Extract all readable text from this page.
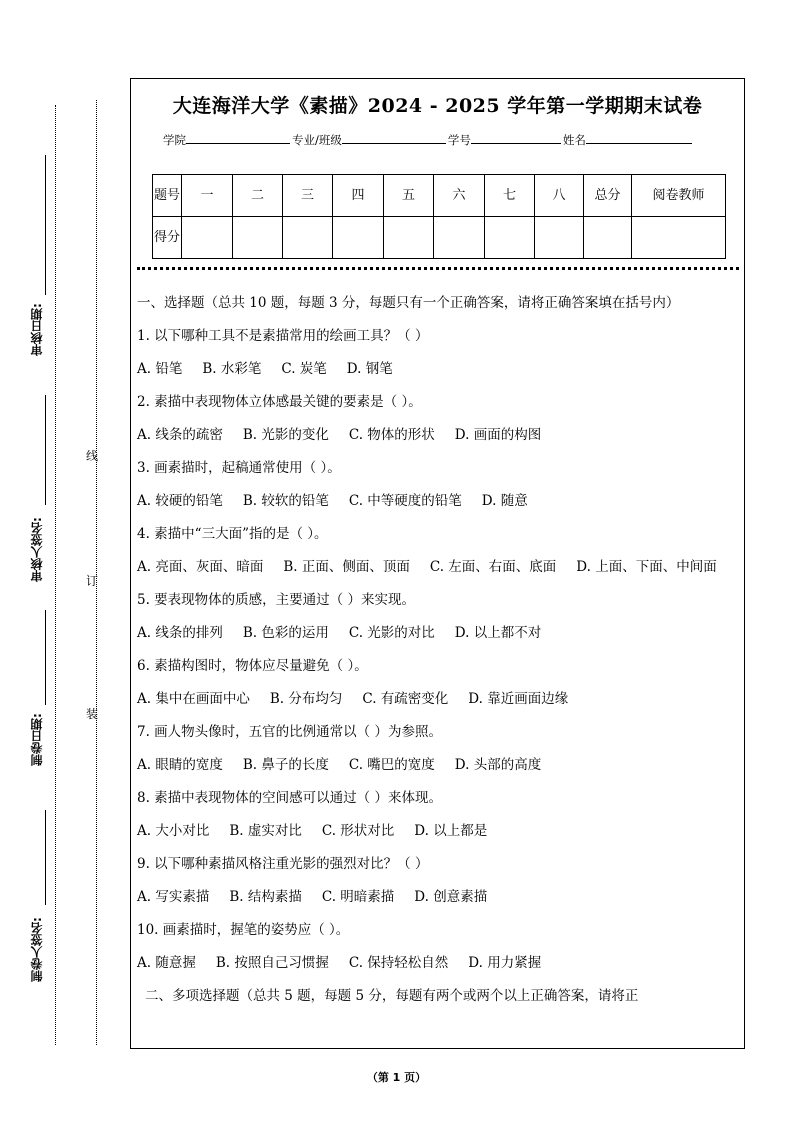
审核日期:
审核人签名:
制卷日期:
制卷人签名:
线
订
装
大连海洋大学《素描》2024 - 2025 学年第一学期期末试卷
学院	专业/班级	学号	姓名
题号	一	二	三	四	五	六	七	八	总分	阅卷教师
得分										
一、选择题（总共 10 题，每题 3 分，每题只有一个正确答案，请将正确答案填在括号内）
1. 以下哪种工具不是素描常用的绘画工具？（ ）
A. 铅笔 B. 水彩笔 C. 炭笔 D. 钢笔
2. 素描中表现物体立体感最关键的要素是（ ）。
A. 线条的疏密 B. 光影的变化 C. 物体的形状 D. 画面的构图
3. 画素描时，起稿通常使用（ ）。
A. 较硬的铅笔 B. 较软的铅笔 C. 中等硬度的铅笔 D. 随意
4. 素描中“三大面”指的是（ ）。
A. 亮面、灰面、暗面 B. 正面、侧面、顶面 C. 左面、右面、底面 D. 上面、下面、中间面
5. 要表现物体的质感，主要通过（ ）来实现。
A. 线条的排列 B. 色彩的运用 C. 光影的对比 D. 以上都不对
6. 素描构图时，物体应尽量避免（ ）。
A. 集中在画面中心 B. 分布均匀 C. 有疏密变化 D. 靠近画面边缘
7. 画人物头像时，五官的比例通常以（ ）为参照。
A. 眼睛的宽度 B. 鼻子的长度 C. 嘴巴的宽度 D. 头部的高度
8. 素描中表现物体的空间感可以通过（ ）来体现。
A. 大小对比 B. 虚实对比 C. 形状对比 D. 以上都是
9. 以下哪种素描风格注重光影的强烈对比？（ ）
A. 写实素描 B. 结构素描 C. 明暗素描 D. 创意素描
10. 画素描时，握笔的姿势应（ ）。
A. 随意握 B. 按照自己习惯握 C. 保持轻松自然 D. 用力紧握
二、多项选择题（总共 5 题，每题 5 分，每题有两个或两个以上正确答案，请将正
（第 1 页）
